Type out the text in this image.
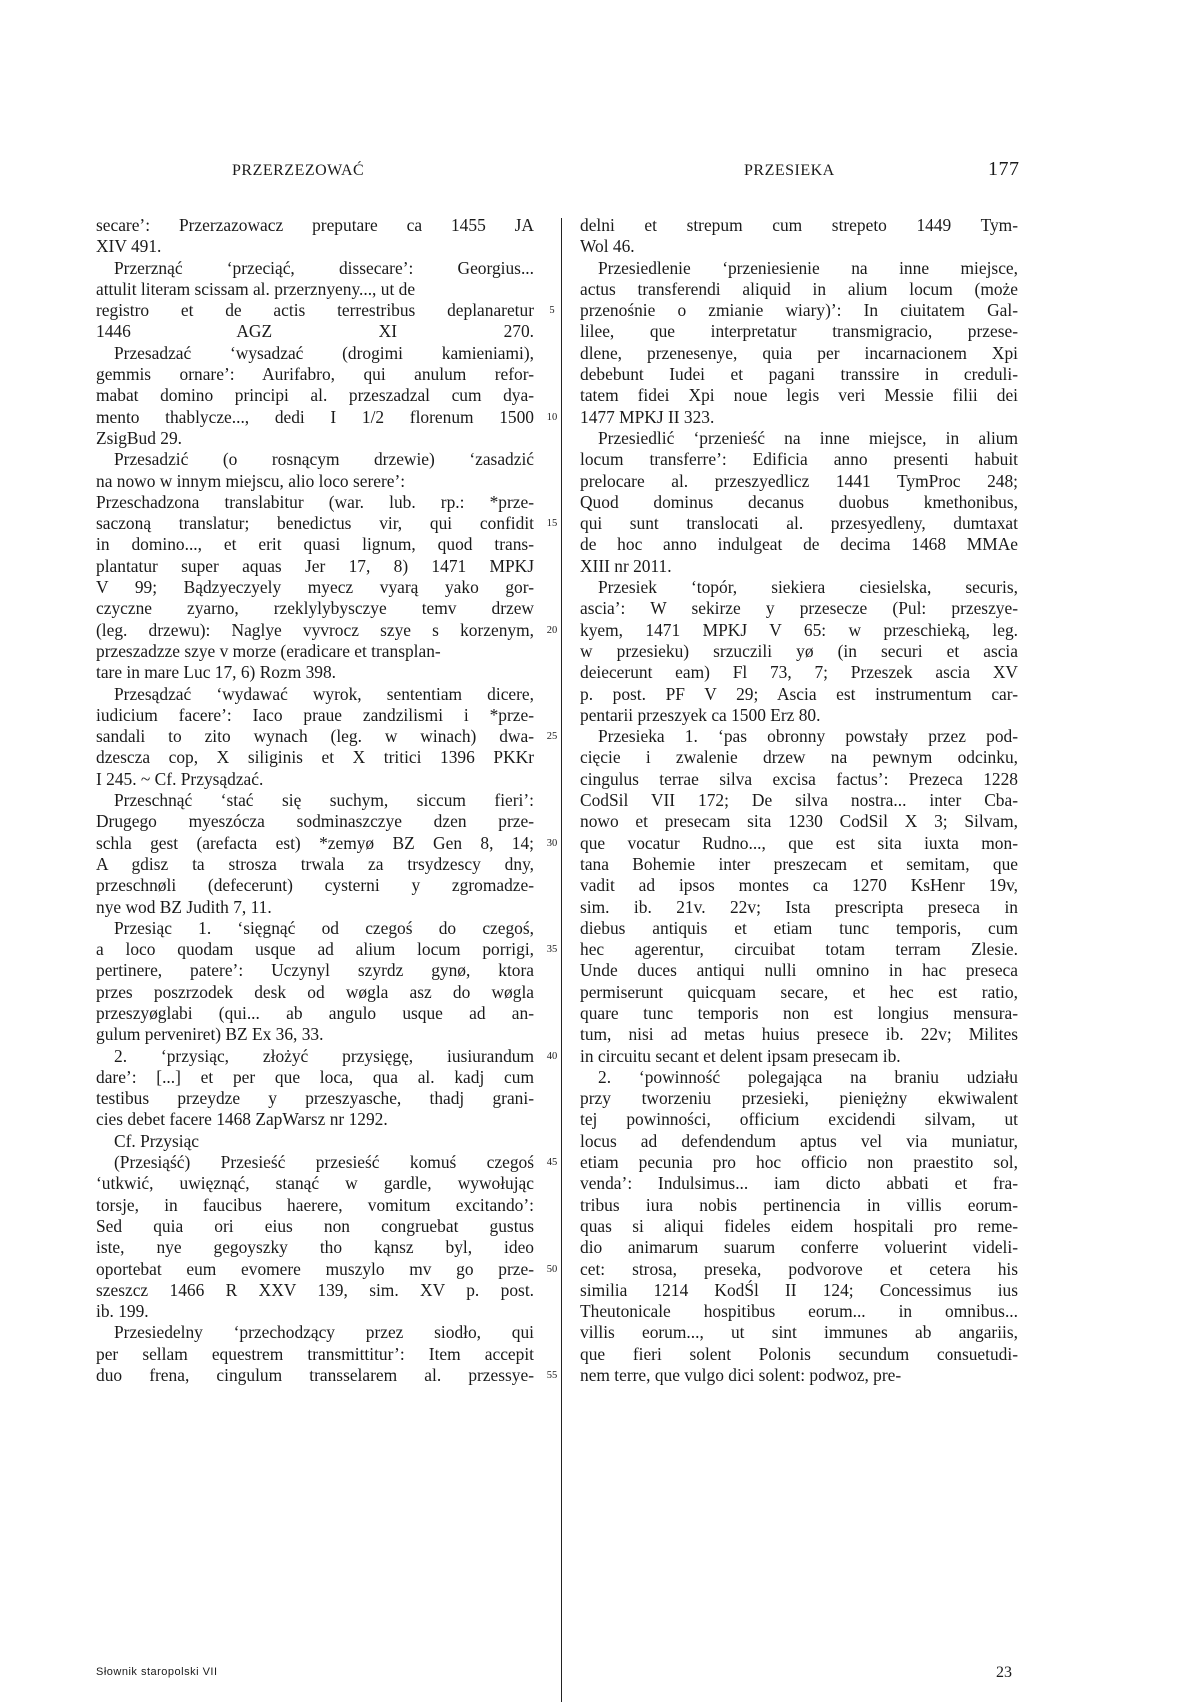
PRZERZEZOWAĆ	PRZESIEKA	177
secare’: Przerzazowacz preputare ca 1455 JA
XIV 491.
Przerznąć ‘przeciąć, dissecare’: Georgius...
attulit literam scissam al. przerznyeny..., ut de
registro et de actis terrestribus deplanaretur
1446 AGZ XI 270.
Przesadzać ‘wysadzać (drogimi kamieniami),
gemmis ornare’: Aurifabro, qui anulum refor-
mabat domino principi al. przeszadzal cum dya-
mento thablycze..., dedi I 1/2 florenum 1500
ZsigBud 29.
Przesadzić (o rosnącym drzewie) ‘zasadzić
na nowo w innym miejscu, alio loco serere’:
Przeschadzona translabitur (war. lub. rp.: *prze-
saczoną translatur; benedictus vir, qui confidit
in domino..., et erit quasi lignum, quod trans-
plantatur super aquas Jer 17, 8) 1471 MPKJ
V 99; Bądzyeczyely myecz vyarą yako gor-
czyczne zyarno, rzeklylybysczye temv drzew
(leg. drzewu): Naglye vyvrocz szye s korzenym,
przeszadzze szye v morze (eradicare et transplan-
tare in mare Luc 17, 6) Rozm 398.
Przesądzać ‘wydawać wyrok, sententiam dicere,
iudicium facere’: Iaco praue zandzilismi i *prze-
sandali to zito wynach (leg. w winach) dwa-
dzescza cop, X siliginis et X tritici 1396 PKKr
I 245. ~ Cf. Przysądzać.
Przeschnąć ‘stać się suchym, siccum fieri’:
Drugego myeszócza sodminaszczye dzen prze-
schla gest (arefacta est) *zemyø BZ Gen 8, 14;
A gdisz ta strosza trwala za trsydzescy dny,
przeschnøli (defecerunt) cysterni y zgromadze-
nye wod BZ Judith 7, 11.
Przesiąc 1. ‘sięgnąć od czegoś do czegoś,
a loco quodam usque ad alium locum porrigi,
pertinere, patere’: Uczynyl szyrdz gynø, ktora
przes poszrzodek desk od wøgla asz do wøgla
przeszyøglabi (qui... ab angulo usque ad an-
gulum perveniret) BZ Ex 36, 33.
2. ‘przysiąc, złożyć przysięgę, iusiurandum
dare’: [...] et per que loca, qua al. kadj cum
testibus przeydze y przeszyasche, thadj grani-
cies debet facere 1468 ZapWarsz nr 1292.
Cf. Przysiąc
(Przesiąść) Przesieść przesieść komuś czegoś
‘utkwić, uwięznąć, stanąć w gardle, wywołując
torsje, in faucibus haerere, vomitum excitando’:
Sed quia ori eius non congruebat gustus
iste, nye gegoyszky tho kąnsz byl, ideo
oportebat eum evomere muszylo mv go prze-
szeszcz 1466 R XXV 139, sim. XV p. post.
ib. 199.
Przesiedelny ‘przechodzący przez siodło, qui
per sellam equestrem transmittitur’: Item accepit
duo frena, cingulum transselarem al. przessye-
delni et strepum cum strepeto 1449 Tym-
Wol 46.
Przesiedlenie ‘przeniesienie na inne miejsce,
actus transferendi aliquid in alium locum (może
przenośnie o zmianie wiary)’: In ciuitatem Gal-
lilee, que interpretatur transmigracio, przese-
dlene, przenesenye, quia per incarnacionem Xpi
debebunt Iudei et pagani transsire in creduli-
tatem fidei Xpi noue legis veri Messie filii dei
1477 MPKJ II 323.
Przesiedlić ‘przenieść na inne miejsce, in alium
locum transferre’: Edificia anno presenti habuit
prelocare al. przeszyedlicz 1441 TymProc 248;
Quod dominus decanus duobus kmethonibus,
qui sunt translocati al. przesyedleny, dumtaxat
de hoc anno indulgeat de decima 1468 MMAe
XIII nr 2011.
Przesiek ‘topór, siekiera ciesielska, securis,
ascia’: W sekirze y przesecze (Pul: przeszye-
kyem, 1471 MPKJ V 65: w przeschieką, leg.
w przesieku) srzuczili yø (in securi et ascia
deiecerunt eam) Fl 73, 7; Przeszek ascia XV
p. post. PF V 29; Ascia est instrumentum car-
pentarii przeszyek ca 1500 Erz 80.
Przesieka 1. ‘pas obronny powstały przez pod-
cięcie i zwalenie drzew na pewnym odcinku,
cingulus terrae silva excisa factus’: Prezeca 1228
CodSil VII 172; De silva nostra... inter Cba-
nowo et presecam sita 1230 CodSil X 3; Silvam,
que vocatur Rudno..., que est sita iuxta mon-
tana Bohemie inter preszecam et semitam, que
vadit ad ipsos montes ca 1270 KsHenr 19v,
sim. ib. 21v. 22v; Ista prescripta preseca in
diebus antiquis et etiam tunc temporis, cum
hec agerentur, circuibat totam terram Zlesie.
Unde duces antiqui nulli omnino in hac preseca
permiserunt quicquam secare, et hec est ratio,
quare tunc temporis non est longius mensura-
tum, nisi ad metas huius presece ib. 22v; Milites
in circuitu secant et delent ipsam presecam ib.
2. ‘powinność polegająca na braniu udziału
przy tworzeniu przesieki, pieniężny ekwiwalent
tej powinności, officium excidendi silvam, ut
locus ad defendendum aptus vel via muniatur,
etiam pecunia pro hoc officio non praestito sol,
venda’: Indulsimus... iam dicto abbati et fra-
tribus iura nobis pertinencia in villis eorum-
quas si aliqui fideles eidem hospitali pro reme-
dio animarum suarum conferre voluerint videli-
cet: strosa, preseka, podvorove et cetera his
similia 1214 KodŚl II 124; Concessimus ius
Theutonicale hospitibus eorum... in omnibus...
villis eorum..., ut sint immunes ab angariis,
que fieri solent Polonis secundum consuetudi-
nem terre, que vulgo dici solent: podwoz, pre-
5
10
15
20
25
30
35
40
45
50
55
Słownik staropolski VII	23
